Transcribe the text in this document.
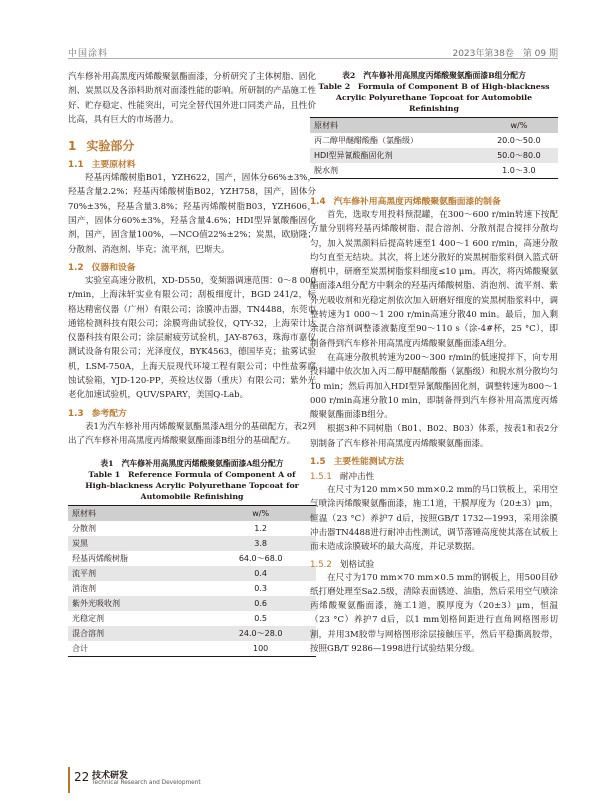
中国涂料	2023年第38卷　第 09 期

汽车修补用高黑度丙烯酸聚氨酯面漆，分析研究了主体树脂、固化剂、炭黑以及各添料助剂对面漆性能的影响。所研制的产品施工性好、贮存稳定、性能突出，可完全替代国外进口同类产品，且性价比高，具有巨大的市场潜力。

1 实验部分
1.1 主要原材料

羟基丙烯酸树脂B01，YZH622，国产，固体分66%±3%，羟基含量2.2%；羟基丙烯酸树脂B02，YZH758，国产，固体分70%±3%，羟基含量3.8%；羟基丙烯酸树脂B03，YZH606，国产，固体分60%±3%，羟基含量4.6%；HDI型异氰酸酯固化剂，国产，固含量100%，—NCO值22%±2%；炭黑，欧励隆；分散剂、消泡剂、毕克；流平剂，巴斯夫。

1.2 仪器和设备

实验室高速分散机，XD-D550，变频器调速范围：0～8 000 r/min，上海沫轩实业有限公司；刮板细度计，BGD 241/2，标格达精密仪器（广州）有限公司；涂膜冲击器，TN4488，东莞市通铭检测科技有限公司；涂膜弯曲试验仪，QTY-32，上海荣计达仪器科技有限公司；涂层耐疲劳试验机，JAY-8763，珠海市嘉仪测试设备有限公司；光泽度仪，BYK4563，德国毕克；盐雾试验机，LSM-750A，上海天辰现代环境工程有限公司；中性盐雾腐蚀试验箱，YJD-120-PP，英检达仪器（重庆）有限公司；紫外光老化加速试验机，QUV/SPARY，美国Q-Lab。

1.3 参考配方

表1为汽车修补用丙烯酸聚氨酯黑漆A组分的基础配方，表2列出了汽车修补用高黑度丙烯酸聚氨酯面漆B组分的基础配方。

表1 汽车修补用高黑度丙烯酸聚氨酯面漆A组分配方

Table 1　Reference Formula of Component A of

High-blackness Acrylic Polyurethane Topcoat for

Automobile Refinishing

原材料	w/%
分散剂	1.2
炭黑	3.8
羟基丙烯酸树脂	64.0～68.0
流平剂	0.4
消泡剂	0.3
紫外光吸收剂	0.6
光稳定剂	0.5
混合溶剂	24.0～28.0
合计	100

表2 汽车修补用高黑度丙烯酸聚氨酯面漆B组分配方

Table 2　Formula of Component B of High-blackness

Acrylic Polyurethane Topcoat for Automobile Refinishing

原材料	w/%
丙二醇甲醚醋酸酯（氯酯级）	20.0～50.0
HDI型异氰酸酯固化剂	50.0～80.0
脱水剂	1.0～3.0
1.4 汽车修补用高黑度丙烯酸聚氨酯面漆的制备

首先，选取专用投料预混罐，在300～600 r/min转速下按配方量分别将羟基丙烯酸树脂、混合溶剂、分散剂混合搅拌分散均匀，加入炭黑颜料后提高转速至1 400～1 600 r/min，高速分散均匀直至无结块。其次，将上述分散好的炭黑树脂浆料倒入篮式研磨机中，研磨至炭黑树脂浆料细度≤10 μm。再次，将丙烯酸聚氨酯面漆A组分配方中剩余的羟基丙烯酸树脂、消泡剂、流平剂、紫外光吸收剂和光稳定剂依次加入研磨好细度的炭黑树脂浆料中，调整转速为1 000～1 200 r/min高速分散40 min。最后，加入剩余混合溶剂调整漆液黏度至90～110 s（涂-4#杯，25 °C），即制备得到汽车修补用高黑度丙烯酸聚氨酯面漆A组分。

在高速分散机转速为200～300 r/min的低速搅拌下，向专用投料罐中依次加入丙二醇甲醚醋酸酯（氯酯级）和脱水剂分散均匀10 min；然后再加入HDI型异氰酸酯固化剂，调整转速为800～1 000 r/min高速分散10 min，即制备得到汽车修补用高黑度丙烯酸聚氨酯面漆B组分。

根据3种不同树脂（B01、B02、B03）体系，按表1和表2分别制备了汽车修补用高黑度丙烯酸聚氨酯面漆。

1.5 主要性能测试方法
1.5.1 耐冲击性

在尺寸为120 mm×50 mm×0.2 mm的马口铁板上，采用空气喷涂丙烯酸聚氨酯面漆，施工1道，干膜厚度为（20±3）μm，恒温（23 °C）养护7 d后，按照GB/T 1732—1993，采用涂膜冲击器TN4488进行耐冲击性测试，调节落锤高度使其落在试板上而未造成涂膜破坏的最大高度，并记录数据。

1.5.2 划格试验

在尺寸为170 mm×70 mm×0.5 mm的钢板上，用500目砂纸打磨处理至Sa2.5级，清除表面锈迹、油脂，然后采用空气喷涂丙烯酸聚氨酯面漆，施工1道，膜厚度为（20±3）μm，恒温（23 °C）养护7 d后，以1 mm划格间距进行直角网格图形切割，并用3M胶带与网格图形涂层接触压平，然后平稳撕离胶带，按照GB/T 9286—1998进行试验结果分级。

22 技术研发
Technical Research and Development
